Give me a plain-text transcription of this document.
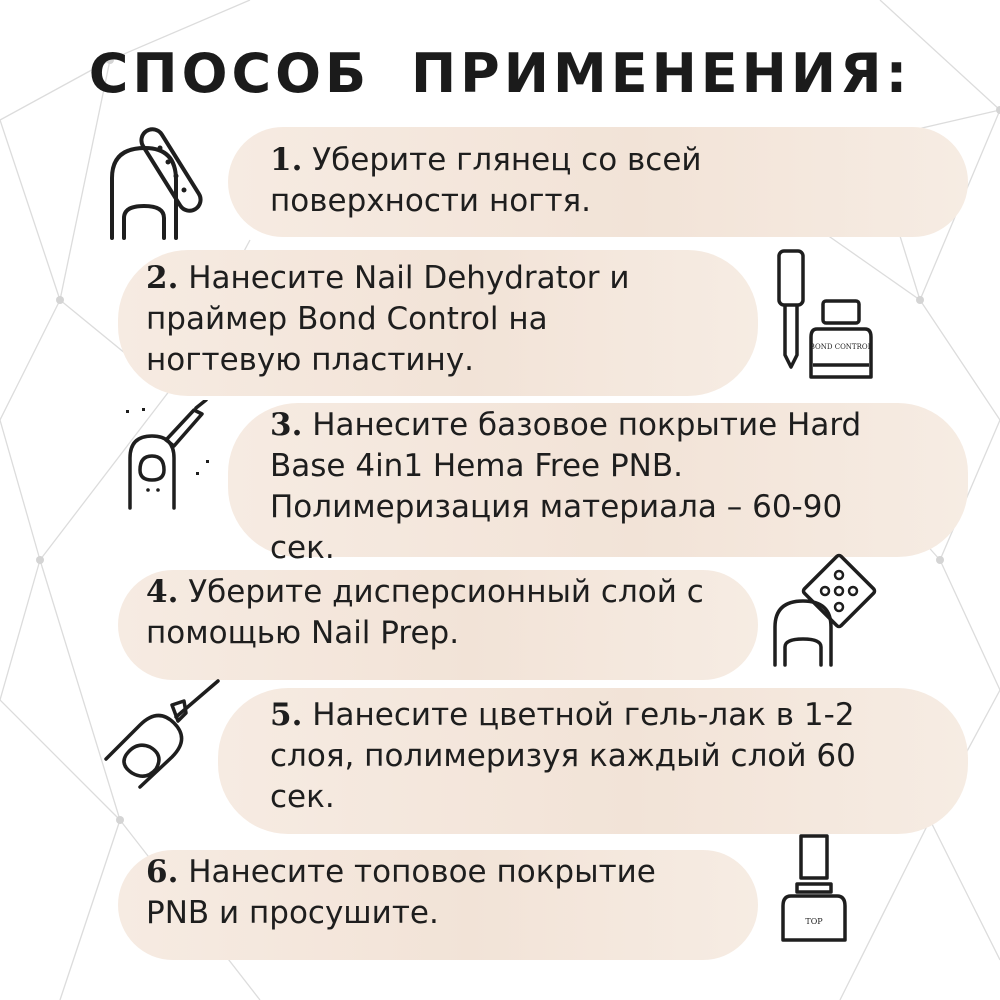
СПОСОБ ПРИМЕНЕНИЯ:
1. Уберите глянец со всей поверхности ногтя.
2. Нанесите Nail Dehydrator и праймер Bond Control на ногтевую пластину.	BOND CONTROL
3. Нанесите базовое покрытие Hard Base 4in1 Hema Free PNB. Полимеризация материала – 60-90 сек.
4. Уберите дисперсионный слой с помощью Nail Prep.
5. Нанесите цветной гель-лак в 1-2 слоя, полимеризуя каждый слой 60 сек.
6. Нанесите топовое покрытие PNB и просушите.	TOP
